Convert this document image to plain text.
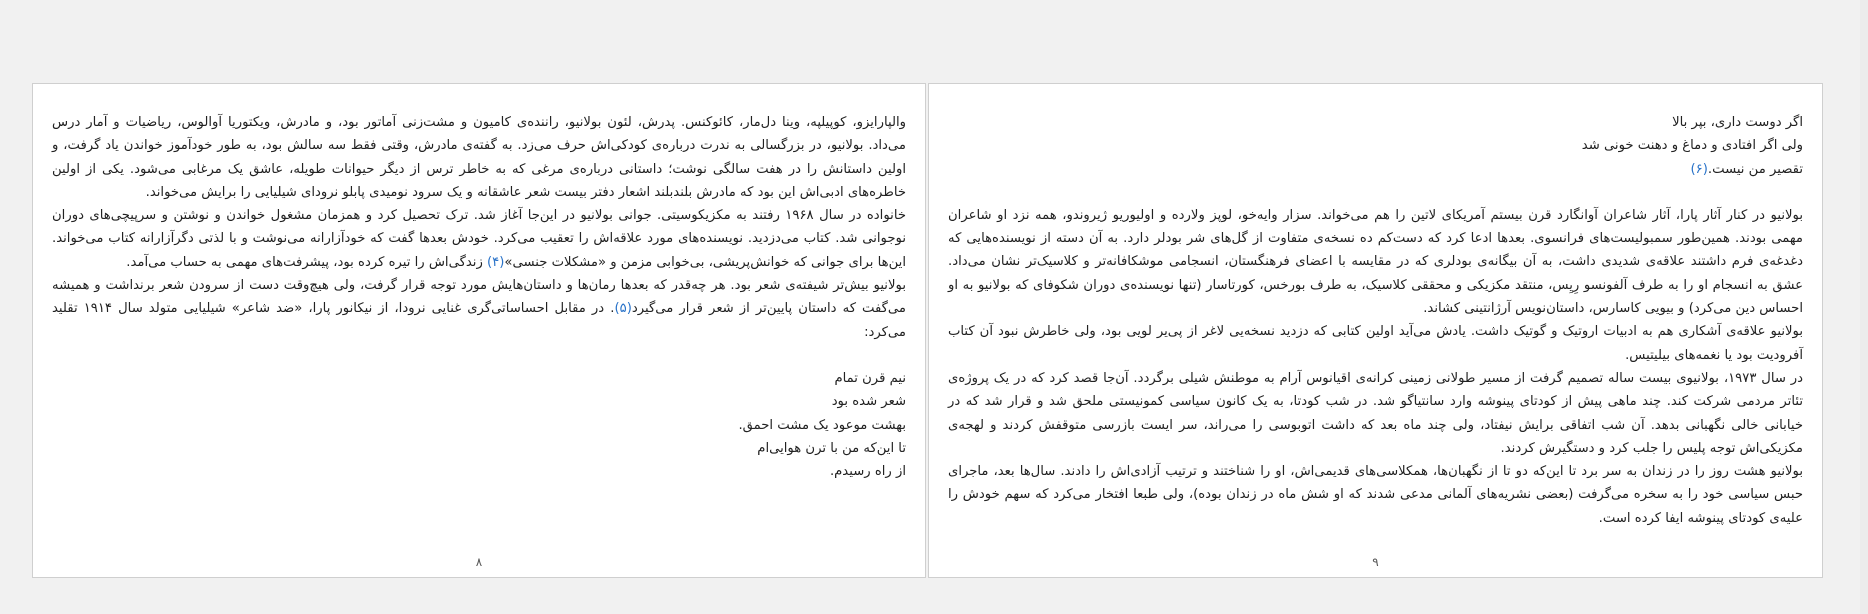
والپارایزو، کوپیلپه، وینا دل‌مار، کائوکنس. پدرش، لئون بولانیو، راننده‌ی کامیون و مشت‌زنی آماتور بود، و مادرش، ویکتوریا آوالوس، ریاضیات و آمار درس می‌داد. بولانیو، در بزرگسالی به ندرت درباره‌ی کودکی‌اش حرف می‌زد. به گفته‌ی مادرش، وقتی فقط سه سالش بود، به طور خودآموز خواندن یاد گرفت، و اولین داستانش را در هفت سالگی نوشت؛ داستانی درباره‌ی مرغی که به خاطر ترس از دیگر حیوانات طویله، عاشق یک مرغابی می‌شود. یکی از اولین خاطره‌های ادبی‌اش این بود که مادرش بلندبلند اشعار دفتر بیست شعر عاشقانه و یک سرود نومیدی پابلو نرودای شیلیایی را برایش می‌خواند.

خانواده در سال ۱۹۶۸ رفتند به مکزیکوسیتی. جوانی بولانیو در این‌جا آغاز شد. ترک تحصیل کرد و همزمان مشغول خواندن و نوشتن و سرپیچی‌های دوران نوجوانی شد. کتاب می‌دزدید. نویسنده‌های مورد علاقه‌اش را تعقیب می‌کرد. خودش بعدها گفت که خودآزارانه می‌نوشت و با لذتی دگرآزارانه کتاب می‌خواند. این‌ها برای جوانی که خوانش‌پریشی، بی‌خوابی مزمن و «مشکلات جنسی»(۴) زندگی‌اش را تیره کرده بود، پیشرفت‌های مهمی به حساب می‌آمد.

بولانیو بیش‌تر شیفته‌ی شعر بود. هر چه‌قدر که بعدها رمان‌ها و داستان‌هایش مورد توجه قرار گرفت، ولی هیچ‌وقت دست از سرودن شعر برنداشت و همیشه می‌گفت که داستان پایین‌تر از شعر قرار می‌گیرد(۵). در مقابل احساساتی‌گری غنایی نرودا، از نیکانور پارا، «ضد شاعر» شیلیایی متولد سال ۱۹۱۴ تقلید می‌کرد:

نیم قرن تمام
شعر شده بود
بهشت موعود یک مشت احمق.
تا این‌که من با ترن هوایی‌ام
از راه رسیدم.
۸
اگر دوست داری، بپر بالا
ولی اگر افتادی و دماغ و دهنت خونی شد
تقصیر من نیست.(۶)

بولانیو در کنار آثار پارا، آثار شاعران آوانگارد قرن بیستم آمریکای لاتین را هم می‌خواند. سزار وایه‌خو، لوپز ولارده و اولیوریو ژیروندو، همه نزد او شاعران مهمی بودند. همین‌طور سمبولیست‌های فرانسوی. بعدها ادعا کرد که دست‌کم ده نسخه‌ی متفاوت از گل‌های شر بودلر دارد. به آن دسته از نویسنده‌هایی که دغدغه‌ی فرم داشتند علاقه‌ی شدیدی داشت، به آن بیگانه‌ی بودلری که در مقایسه با اعضای فرهنگستان، انسجامی موشکافانه‌تر و کلاسیک‌تر نشان می‌داد. عشق به انسجام او را به طرف آلفونسو رِیِس، منتقد مکزیکی و محققی کلاسیک، به طرف بورخس، کورتاسار (تنها نویسنده‌ی دوران شکوفای که بولانیو به او احساس دین می‌کرد) و بیویی کاسارس، داستان‌نویس آرژانتینی کشاند.

بولانیو علاقه‌ی آشکاری هم به ادبیات اروتیک و گوتیک داشت. یادش می‌آید اولین کتابی که دزدید نسخه‌یی لاغر از پی‌یر لویی بود، ولی خاطرش نبود آن کتاب آفرودیت بود یا نغمه‌های بیلیتیس.

در سال ۱۹۷۳، بولانیوی بیست ساله تصمیم گرفت از مسیر طولانی زمینی کرانه‌ی اقیانوس آرام به موطنش شیلی برگردد. آن‌جا قصد کرد که در یک پروژه‌ی تئاتر مردمی شرکت کند. چند ماهی پیش از کودتای پینوشه وارد سانتیاگو شد. در شب کودتا، به یک کانون سیاسی کمونیستی ملحق شد و قرار شد که در خیابانی خالی نگهبانی بدهد. آن شب اتفاقی برایش نیفتاد، ولی چند ماه بعد که داشت اتوبوسی را می‌راند، سر ایست بازرسی متوقفش کردند و لهجه‌ی مکزیکی‌اش توجه پلیس را جلب کرد و دستگیرش کردند.

بولانیو هشت روز را در زندان به سر برد تا این‌که دو تا از نگهبان‌ها، همکلاسی‌های قدیمی‌اش، او را شناختند و ترتیب آزادی‌اش را دادند. سال‌ها بعد، ماجرای حبس سیاسی خود را به سخره می‌گرفت (بعضی نشریه‌های آلمانی مدعی شدند که او شش ماه در زندان بوده)، ولی طبعا افتخار می‌کرد که سهم خودش را علیه‌ی کودتای پینوشه ایفا کرده است.

۹
